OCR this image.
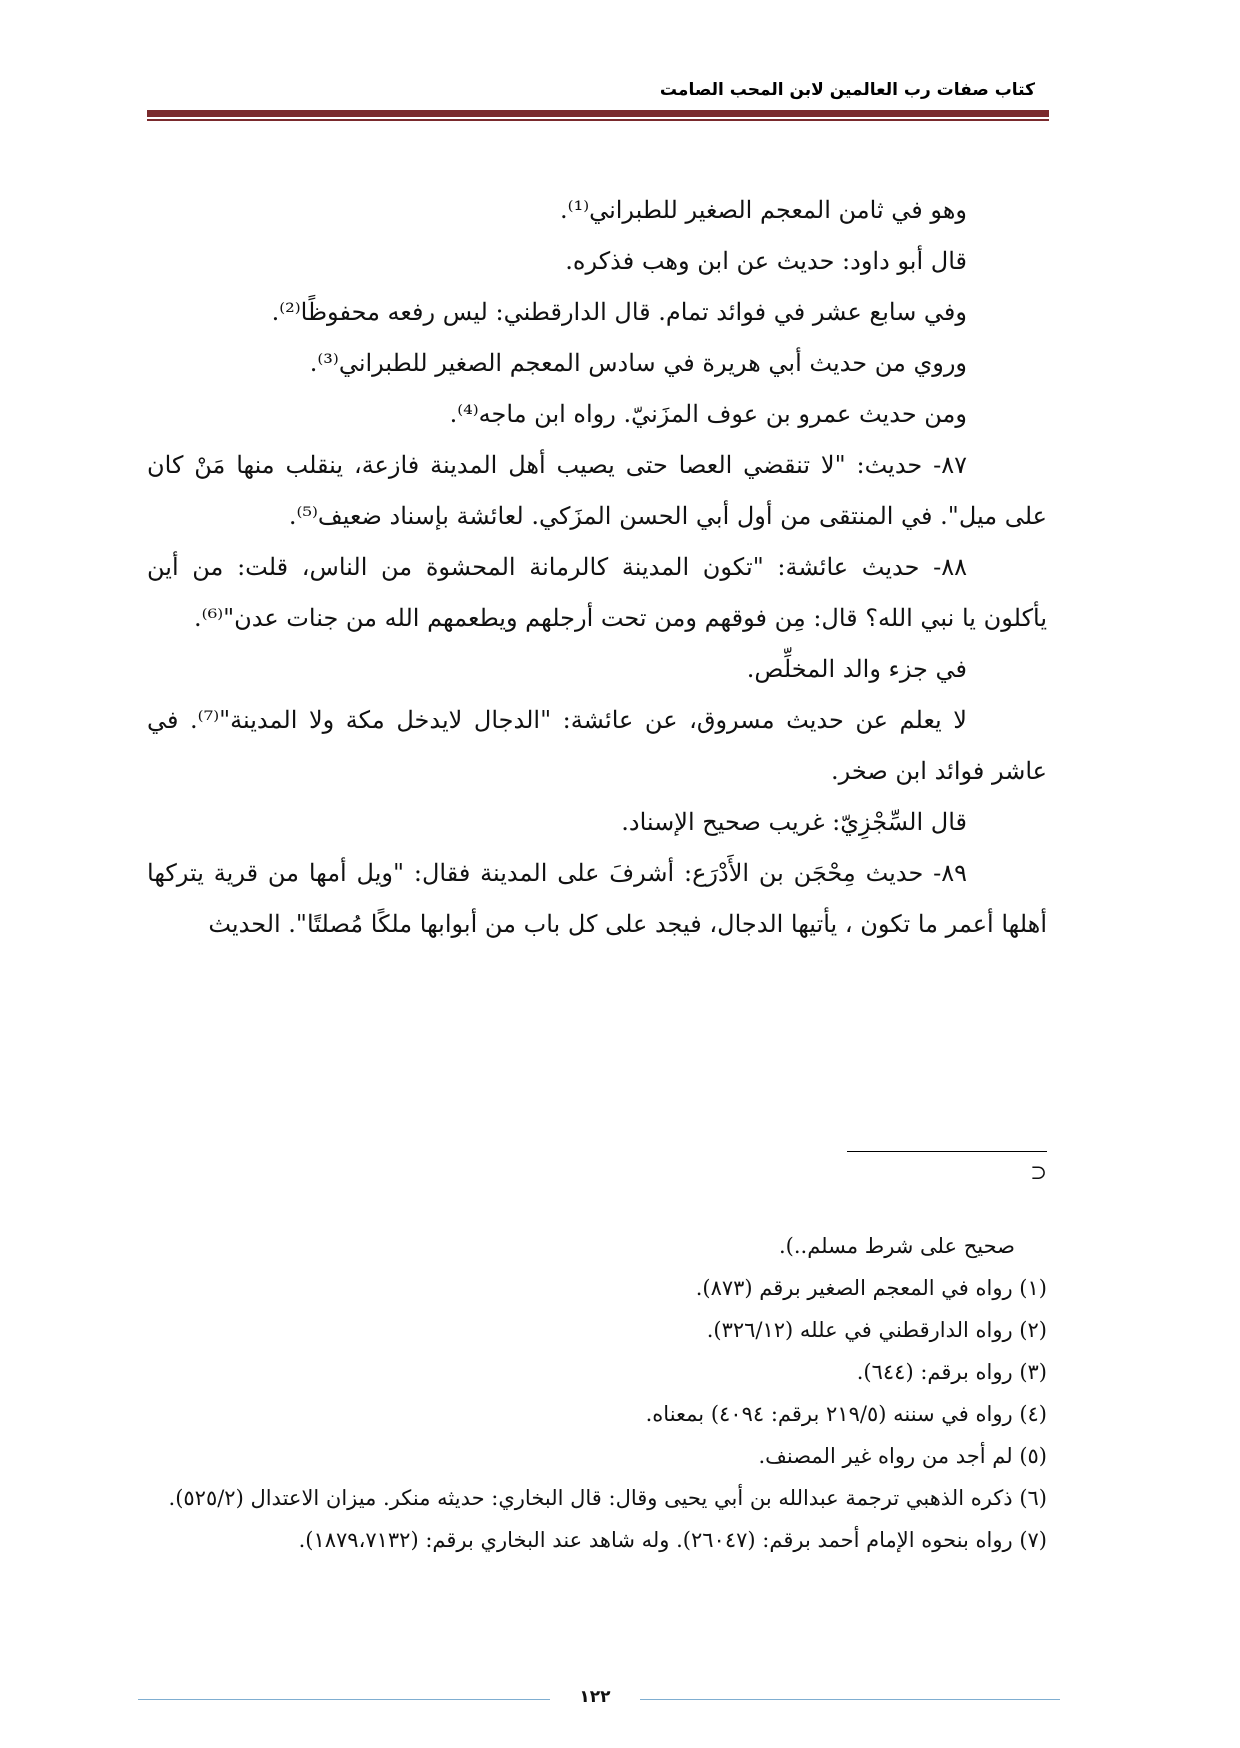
كتاب صفات رب العالمين لابن المحب الصامت

وهو في ثامن المعجم الصغير للطبراني⁽¹⁾.

قال أبو داود: حديث عن ابن وهب فذكره.

وفي سابع عشر في فوائد تمام. قال الدارقطني: ليس رفعه محفوظًا⁽²⁾.

وروي من حديث أبي هريرة في سادس المعجم الصغير للطبراني⁽³⁾.

ومن حديث عمرو بن عوف المزَنيّ. رواه ابن ماجه⁽⁴⁾.

٨٧- حديث: "لا تنقضي العصا حتى يصيب أهل المدينة فازعة، ينقلب منها مَنْ كان على ميل". في المنتقى من أول أبي الحسن المزَكي. لعائشة بإسناد ضعيف⁽⁵⁾.

٨٨- حديث عائشة: "تكون المدينة كالرمانة المحشوة من الناس، قلت: من أين يأكلون يا نبي الله؟ قال: مِن فوقهم ومن تحت أرجلهم ويطعمهم الله من جنات عدن"⁽⁶⁾.

في جزء والد المخلِّص.

لا يعلم عن حديث مسروق، عن عائشة: "الدجال لايدخل مكة ولا المدينة"⁽⁷⁾. في عاشر فوائد ابن صخر.

قال السِّجْزِيّ: غريب صحيح الإسناد.

٨٩- حديث مِحْجَن بن الأَدْرَع: أشرفَ على المدينة فقال: "ويل أمها من قرية يتركها أهلها أعمر ما تكون ، يأتيها الدجال، فيجد على كل باب من أبوابها ملكًا مُصلتًا". الحديث

⊃

صحيح على شرط مسلم..).

(١) رواه في المعجم الصغير برقم (٨٧٣).

(٢) رواه الدارقطني في علله (٣٢٦/١٢).

(٣) رواه برقم: (٦٤٤).

(٤) رواه في سننه (٢١٩/٥ برقم: ٤٠٩٤) بمعناه.

(٥) لم أجد من رواه غير المصنف.

(٦) ذكره الذهبي ترجمة عبدالله بن أبي يحيى وقال: قال البخاري: حديثه منكر. ميزان الاعتدال (٥٢٥/٢).

(٧) رواه بنحوه الإمام أحمد برقم: (٢٦٠٤٧). وله شاهد عند البخاري برقم: (١٨٧٩،٧١٣٢).

١٢٢
